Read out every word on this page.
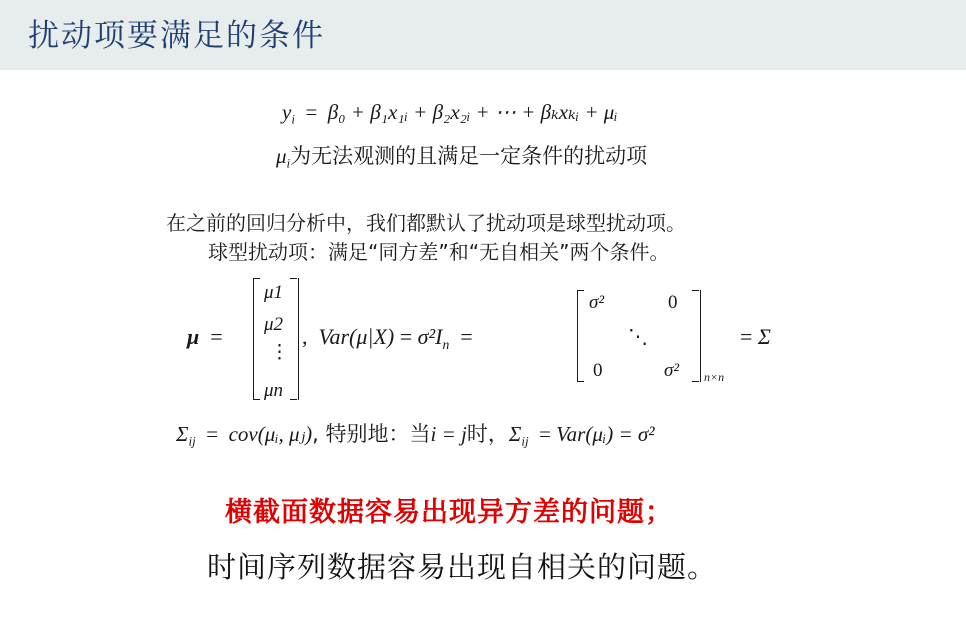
扰动项要满足的条件
$y_i = \beta_0$ + β₁x₁ᵢ + β₂x₂ᵢ + ⋯ + βₖxₖᵢ + μᵢ
$\mu_i$为无法观测的且满足一定条件的扰动项
在之前的回归分析中，我们都默认了扰动项是球型扰动项。
球型扰动项：满足“同方差”和“无自相关”两个条件。
μ  =
μ1
μ2
⋮
μn
,  $Var(\mu|X) = \sigma^2I_n$  =
σ²	0
⋱
0	σ² n×n
= Σ
$\Sigma_{ij}$  =  cov(μᵢ, μⱼ), 特别地：当i = j时，$\Sigma_{ij}$  = Var(μᵢ) = σ²
横截面数据容易出现异方差的问题；
时间序列数据容易出现自相关的问题。
